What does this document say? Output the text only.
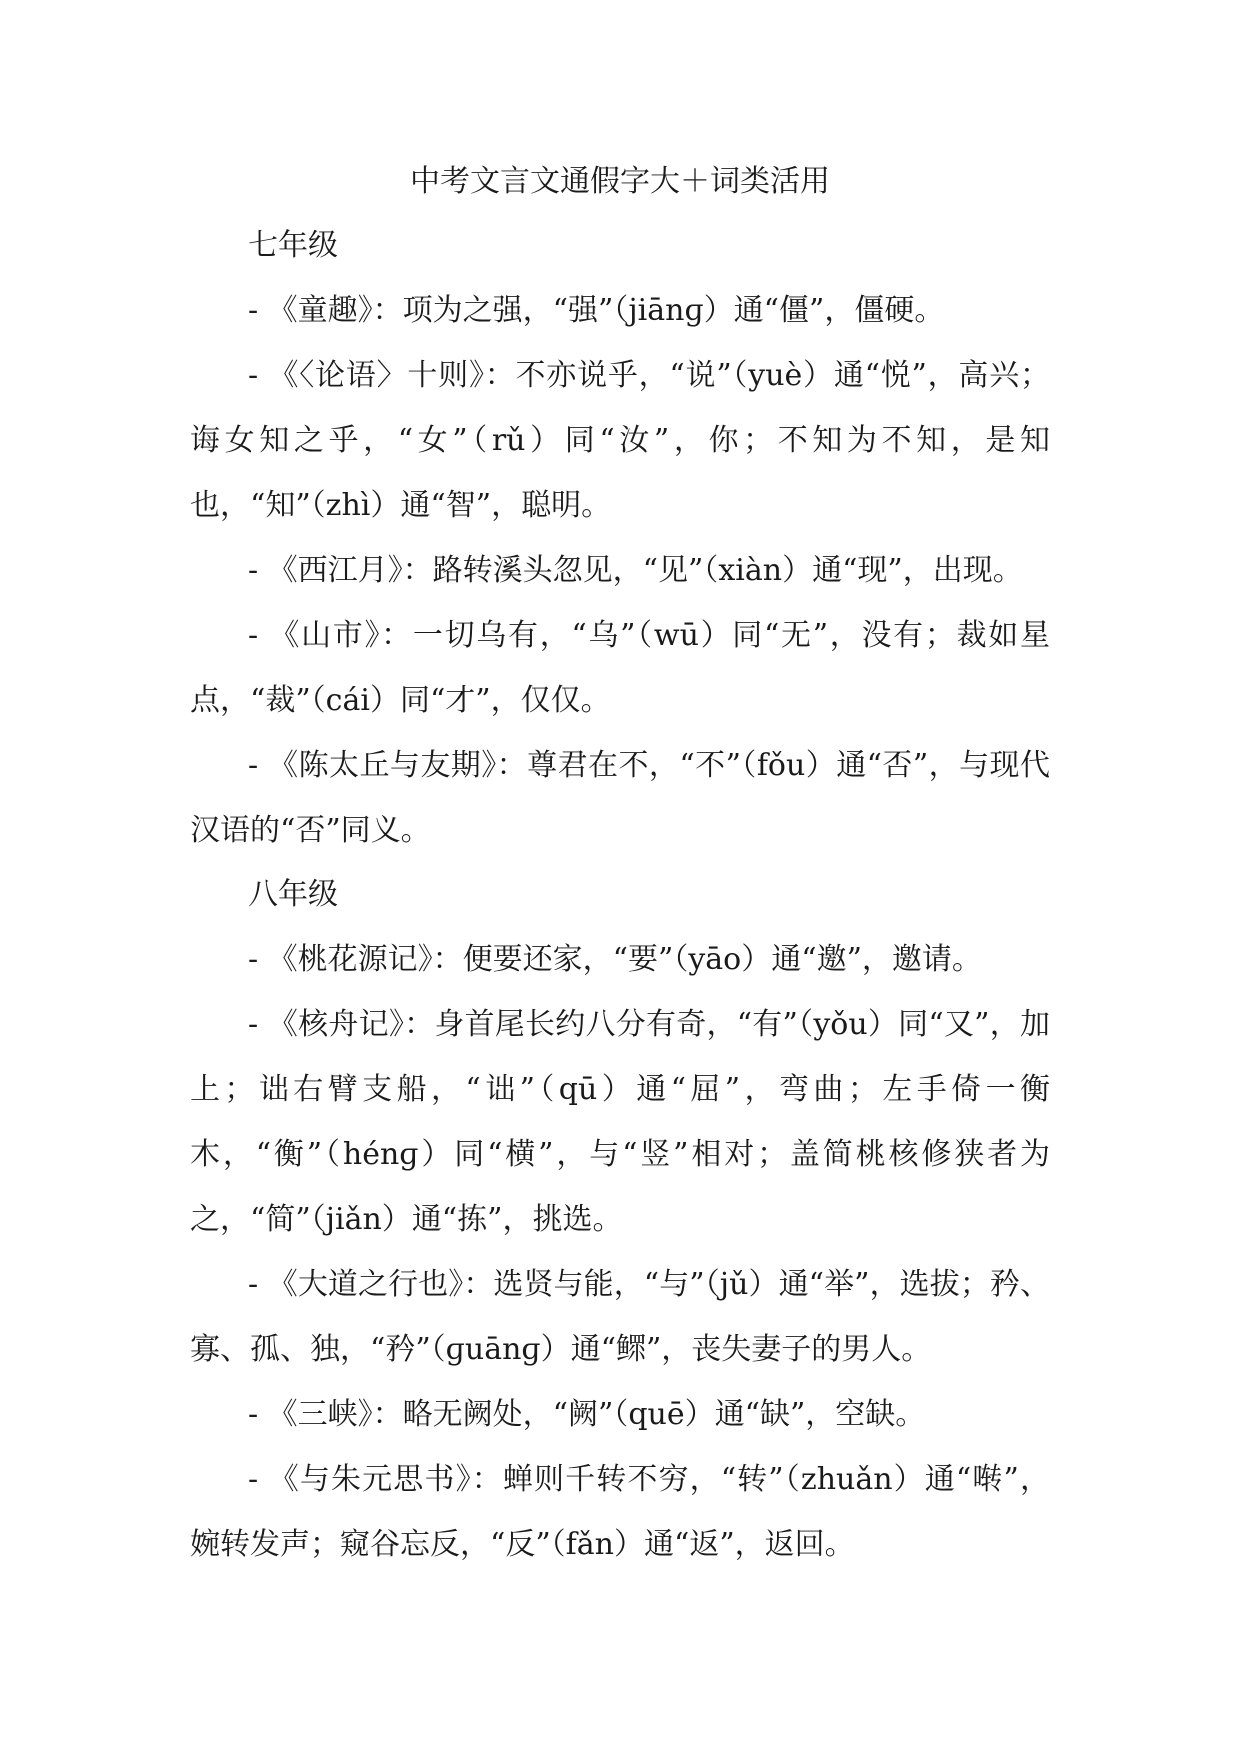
中考文言文通假字大＋词类活用

七年级

- 《童趣》：项为之强，“强”（jiānɡ）通“僵”，僵硬。

- 《〈论语〉十则》：不亦说乎，“说”（yuè）通“悦”，高兴；诲女知之乎，“女”（rǔ）同“汝”，你；不知为不知，是知也，“知”（zhì）通“智”，聪明。

- 《西江月》：路转溪头忽见，“见”（xiàn）通“现”，出现。

- 《山市》：一切乌有，“乌”（wū）同“无”，没有；裁如星点，“裁”（cái）同“才”，仅仅。

- 《陈太丘与友期》：尊君在不，“不”（fǒu）通“否”，与现代汉语的“否”同义。

八年级

- 《桃花源记》：便要还家，“要”（yāo）通“邀”，邀请。

- 《核舟记》：身首尾长约八分有奇，“有”（yǒu）同“又”，加上；诎右臂支船，“诎”（qū）通“屈”，弯曲；左手倚一衡木，“衡”（hénɡ）同“横”，与“竖”相对；盖简桃核修狭者为之，“简”（jiǎn）通“拣”，挑选。

- 《大道之行也》：选贤与能，“与”（jǔ）通“举”，选拔；矜、寡、孤、独，“矜”（ɡuānɡ）通“鳏”，丧失妻子的男人。

- 《三峡》：略无阙处，“阙”（quē）通“缺”，空缺。

- 《与朱元思书》：蝉则千转不穷，“转”（zhuǎn）通“啭”，婉转发声；窥谷忘反，“反”（fǎn）通“返”，返回。
